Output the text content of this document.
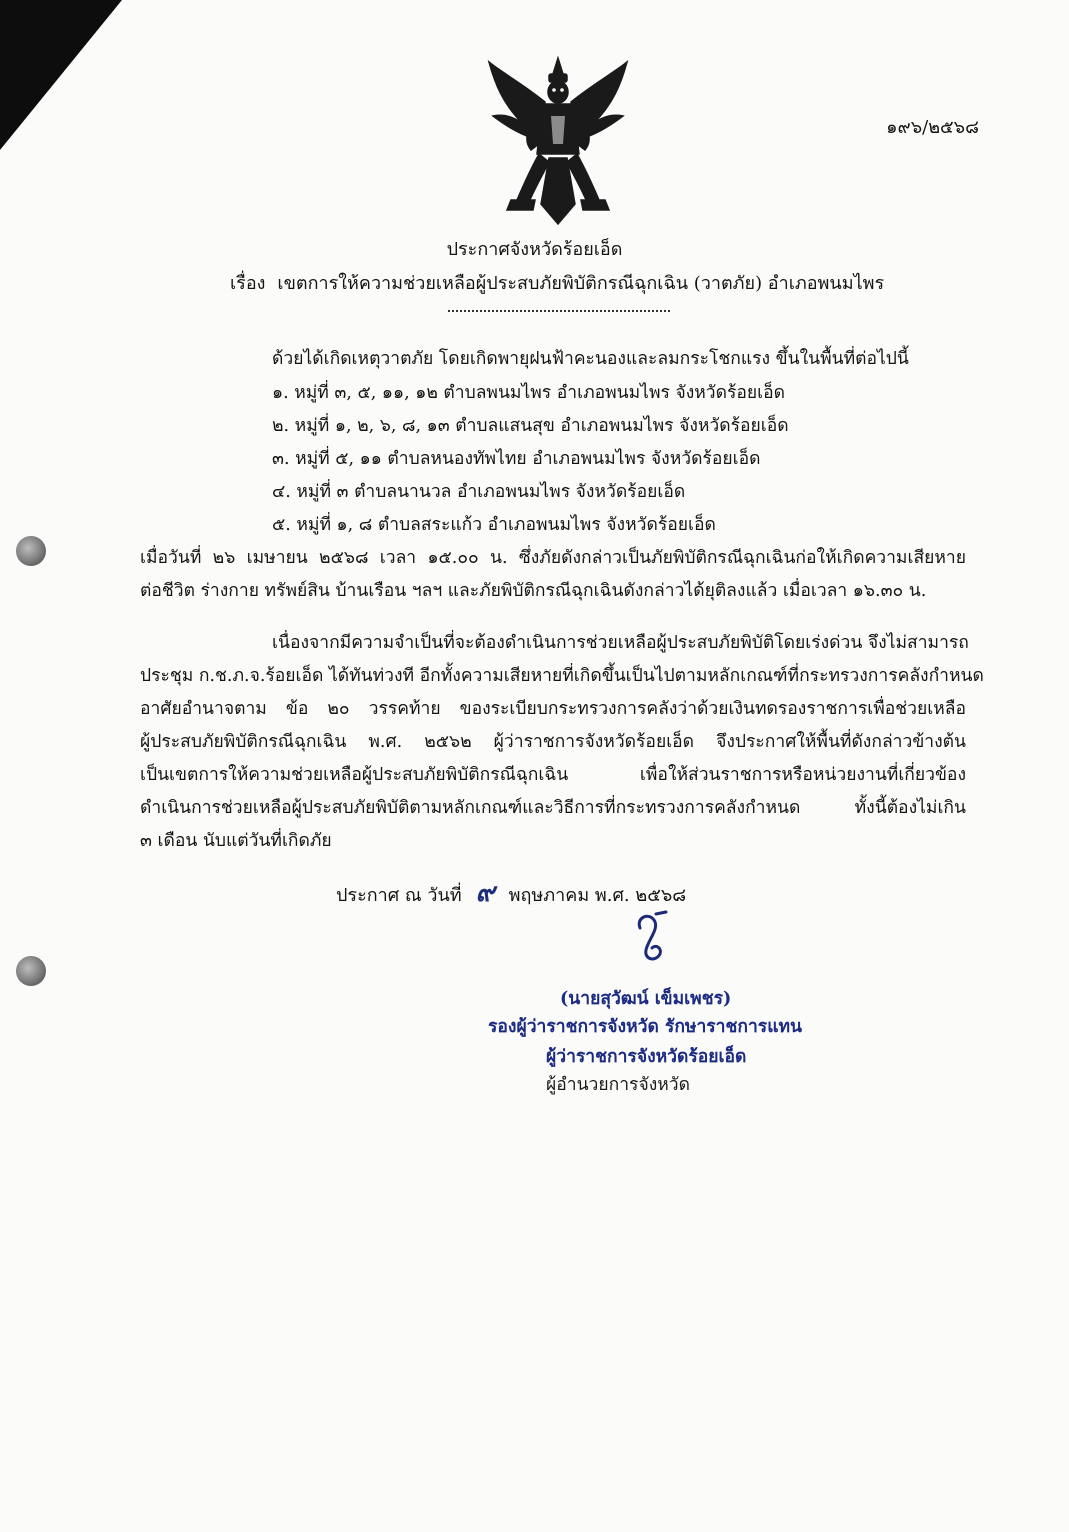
๑๙๖/๒๕๖๘
ประกาศจังหวัดร้อยเอ็ด
เรื่อง เขตการให้ความช่วยเหลือผู้ประสบภัยพิบัติกรณีฉุกเฉิน (วาตภัย) อำเภอพนมไพร
ด้วยได้เกิดเหตุวาตภัย โดยเกิดพายุฝนฟ้าคะนองและลมกระโชกแรง ขึ้นในพื้นที่ต่อไปนี้
๑. หมู่ที่ ๓, ๕, ๑๑, ๑๒ ตำบลพนมไพร อำเภอพนมไพร จังหวัดร้อยเอ็ด
๒. หมู่ที่ ๑, ๒, ๖, ๘, ๑๓ ตำบลแสนสุข อำเภอพนมไพร จังหวัดร้อยเอ็ด
๓. หมู่ที่ ๕, ๑๑ ตำบลหนองทัพไทย อำเภอพนมไพร จังหวัดร้อยเอ็ด
๔. หมู่ที่ ๓ ตำบลนานวล อำเภอพนมไพร จังหวัดร้อยเอ็ด
๕. หมู่ที่ ๑, ๘ ตำบลสระแก้ว อำเภอพนมไพร จังหวัดร้อยเอ็ด
เมื่อวันที่ ๒๖ เมษายน ๒๕๖๘ เวลา ๑๕.๐๐ น. ซึ่งภัยดังกล่าวเป็นภัยพิบัติกรณีฉุกเฉินก่อให้เกิดความเสียหาย
ต่อชีวิต ร่างกาย ทรัพย์สิน บ้านเรือน ฯลฯ และภัยพิบัติกรณีฉุกเฉินดังกล่าวได้ยุติลงแล้ว เมื่อเวลา ๑๖.๓๐ น.
เนื่องจากมีความจำเป็นที่จะต้องดำเนินการช่วยเหลือผู้ประสบภัยพิบัติโดยเร่งด่วน จึงไม่สามารถ
ประชุม ก.ช.ภ.จ.ร้อยเอ็ด ได้ทันท่วงที อีกทั้งความเสียหายที่เกิดขึ้นเป็นไปตามหลักเกณฑ์ที่กระทรวงการคลังกำหนด
อาศัยอำนาจตาม ข้อ ๒๐ วรรคท้าย ของระเบียบกระทรวงการคลังว่าด้วยเงินทดรองราชการเพื่อช่วยเหลือ
ผู้ประสบภัยพิบัติกรณีฉุกเฉิน พ.ศ. ๒๕๖๒ ผู้ว่าราชการจังหวัดร้อยเอ็ด จึงประกาศให้พื้นที่ดังกล่าวข้างต้น
เป็นเขตการให้ความช่วยเหลือผู้ประสบภัยพิบัติกรณีฉุกเฉิน เพื่อให้ส่วนราชการหรือหน่วยงานที่เกี่ยวข้อง
ดำเนินการช่วยเหลือผู้ประสบภัยพิบัติตามหลักเกณฑ์และวิธีการที่กระทรวงการคลังกำหนด ทั้งนี้ต้องไม่เกิน
๓ เดือน นับแต่วันที่เกิดภัย
ประกาศ ณ วันที่ ๙ พฤษภาคม พ.ศ. ๒๕๖๘
(นายสุวัฒน์ เข็มเพชร)
รองผู้ว่าราชการจังหวัด รักษาราชการแทน
ผู้ว่าราชการจังหวัดร้อยเอ็ด
ผู้อำนวยการจังหวัด
